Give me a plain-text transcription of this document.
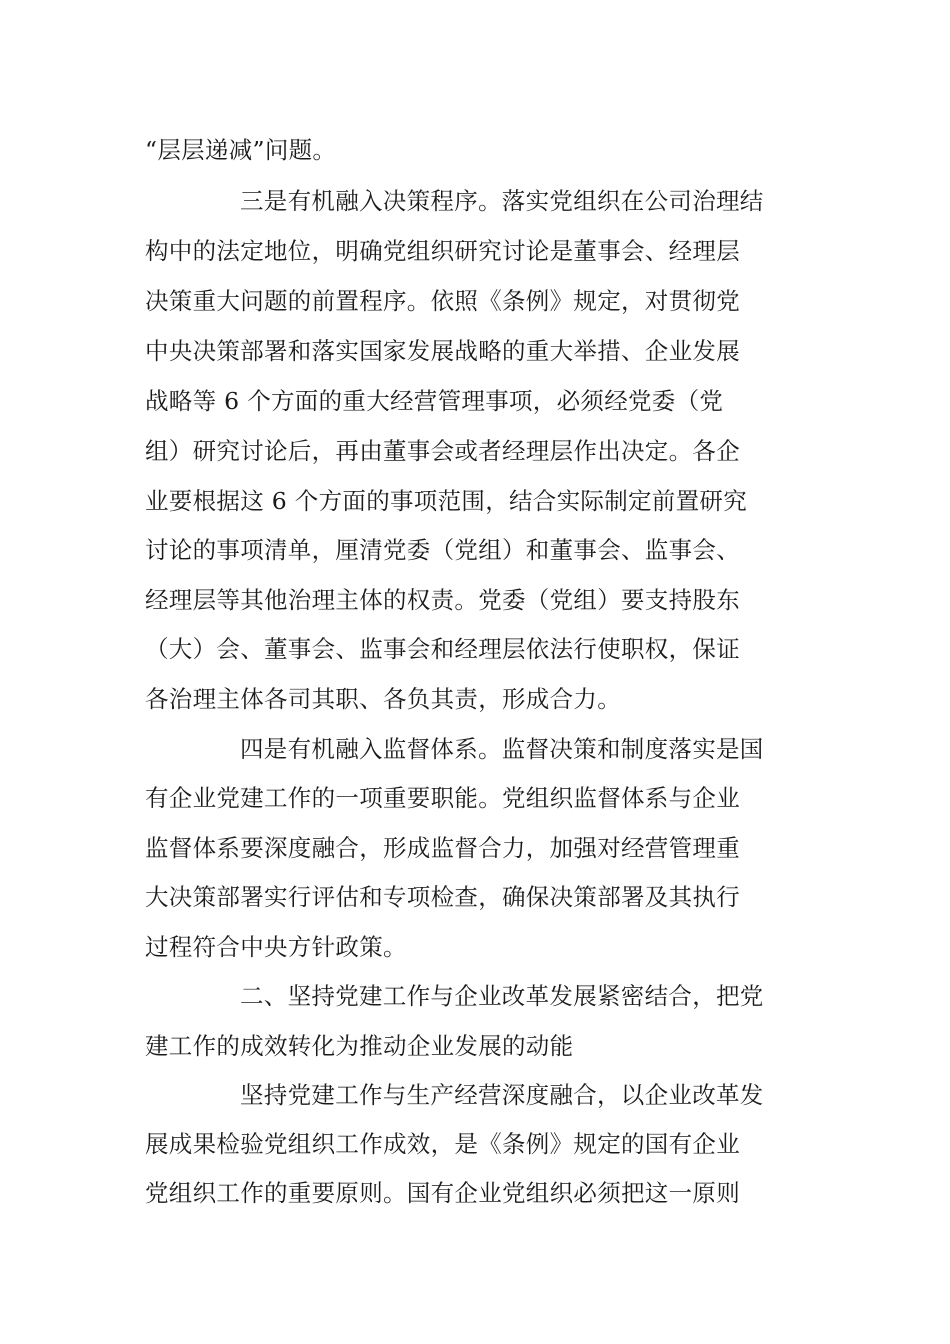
“层层递减”问题。
三是有机融入决策程序。落实党组织在公司治理结
构中的法定地位，明确党组织研究讨论是董事会、经理层
决策重大问题的前置程序。依照《条例》规定，对贯彻党
中央决策部署和落实国家发展战略的重大举措、企业发展
战略等 6 个方面的重大经营管理事项，必须经党委（党
组）研究讨论后，再由董事会或者经理层作出决定。各企
业要根据这 6 个方面的事项范围，结合实际制定前置研究
讨论的事项清单，厘清党委（党组）和董事会、监事会、
经理层等其他治理主体的权责。党委（党组）要支持股东
（大）会、董事会、监事会和经理层依法行使职权，保证
各治理主体各司其职、各负其责，形成合力。
四是有机融入监督体系。监督决策和制度落实是国
有企业党建工作的一项重要职能。党组织监督体系与企业
监督体系要深度融合，形成监督合力，加强对经营管理重
大决策部署实行评估和专项检查，确保决策部署及其执行
过程符合中央方针政策。
二、坚持党建工作与企业改革发展紧密结合，把党
建工作的成效转化为推动企业发展的动能
坚持党建工作与生产经营深度融合，以企业改革发
展成果检验党组织工作成效，是《条例》规定的国有企业
党组织工作的重要原则。国有企业党组织必须把这一原则
